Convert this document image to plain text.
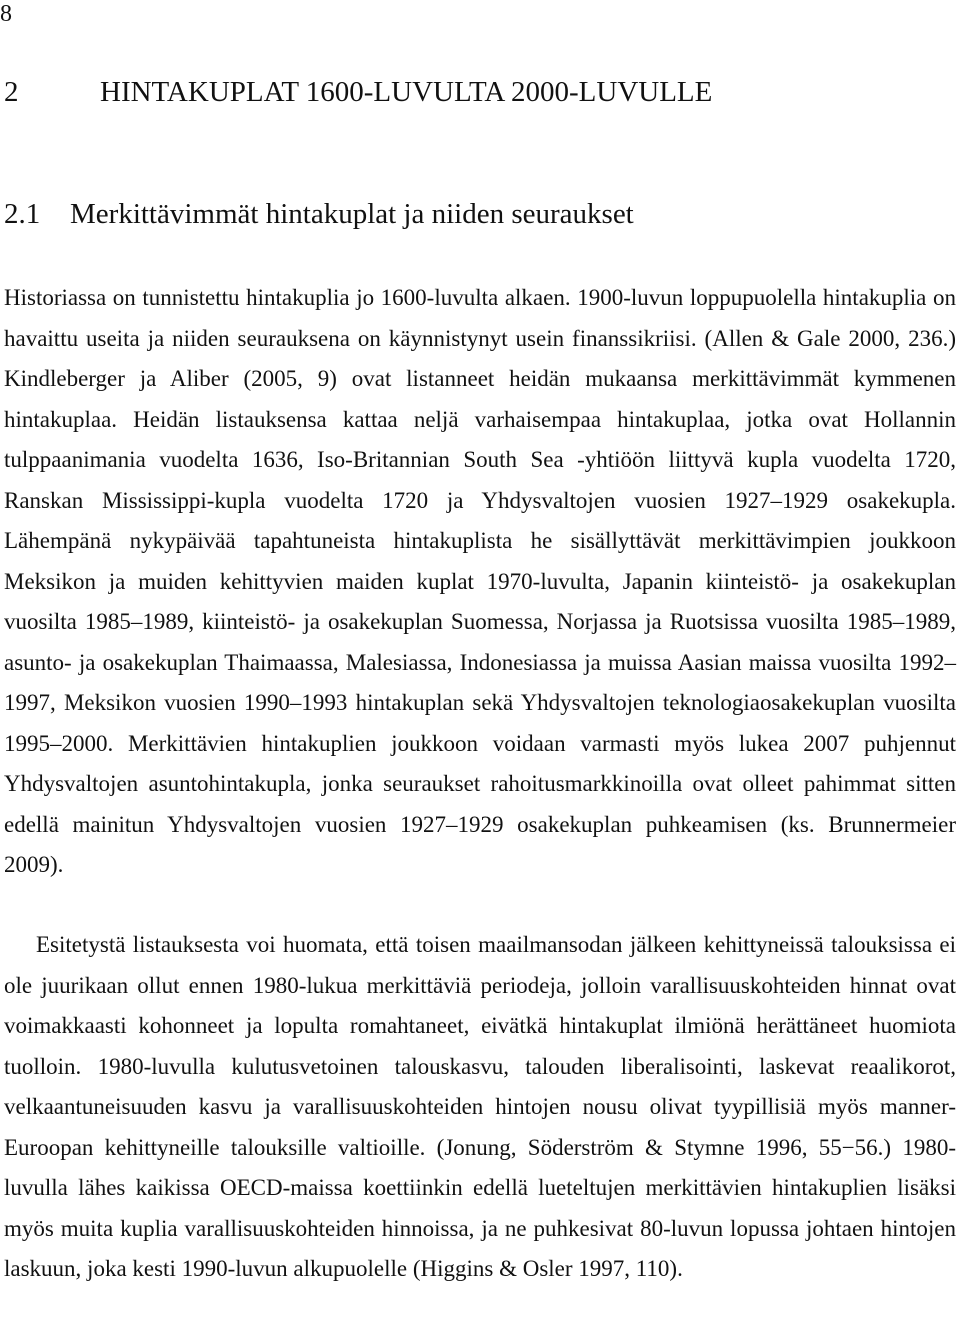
8
2	HINTAKUPLAT 1600-LUVULTA 2000-LUVULLE
2.1 Merkittävimmät hintakuplat ja niiden seuraukset

Historiassa on tunnistettu hintakuplia jo 1600-luvulta alkaen. 1900-luvun loppupuolella hintakuplia on havaittu useita ja niiden seurauksena on käynnistynyt usein finanssikriisi. (Allen & Gale 2000, 236.) Kindleberger ja Aliber (2005, 9) ovat listanneet heidän mukaansa merkittävimmät kymmenen hintakuplaa. Heidän listauksensa kattaa neljä varhaisempaa hintakuplaa, jotka ovat Hollannin tulppaanimania vuodelta 1636, Iso-Britannian South Sea -yhtiöön liittyvä kupla vuodelta 1720, Ranskan Mississippi-kupla vuodelta 1720 ja Yhdysvaltojen vuosien 1927–1929 osakekupla. Lähempänä nykypäivää tapahtuneista hintakuplista he sisällyttävät merkittävimpien joukkoon Meksikon ja muiden kehittyvien maiden kuplat 1970-luvulta, Japanin kiinteistö- ja osakekuplan vuosilta 1985–1989, kiinteistö- ja osakekuplan Suomessa, Norjassa ja Ruotsissa vuosilta 1985–1989, asunto- ja osakekuplan Thaimaassa, Malesiassa, Indonesiassa ja muissa Aasian maissa vuosilta 1992–1997, Meksikon vuosien 1990–1993 hintakuplan sekä Yhdysvaltojen teknologiaosakekuplan vuosilta 1995–2000. Merkittävien hintakuplien joukkoon voidaan varmasti myös lukea 2007 puhjennut Yhdysvaltojen asuntohintakupla, jonka seuraukset rahoitusmarkkinoilla ovat olleet pahimmat sitten edellä mainitun Yhdysvaltojen vuosien 1927–1929 osakekuplan puhkeamisen (ks. Brunnermeier 2009).

Esitetystä listauksesta voi huomata, että toisen maailmansodan jälkeen kehittyneissä talouksissa ei ole juurikaan ollut ennen 1980-lukua merkittäviä periodeja, jolloin varallisuuskohteiden hinnat ovat voimakkaasti kohonneet ja lopulta romahtaneet, eivätkä hintakuplat ilmiönä herättäneet huomiota tuolloin. 1980-luvulla kulutusvetoinen talouskasvu, talouden liberalisointi, laskevat reaalikorot, velkaantuneisuuden kasvu ja varallisuuskohteiden hintojen nousu olivat tyypillisiä myös manner-Euroopan kehittyneille talouksille valtioille. (Jonung, Söderström & Stymne 1996, 55−56.) 1980-luvulla lähes kaikissa OECD-maissa koettiinkin edellä lueteltujen merkittävien hintakuplien lisäksi myös muita kuplia varallisuuskohteiden hinnoissa, ja ne puhkesivat 80-luvun lopussa johtaen hintojen laskuun, joka kesti 1990-luvun alkupuolelle (Higgins & Osler 1997, 110).
